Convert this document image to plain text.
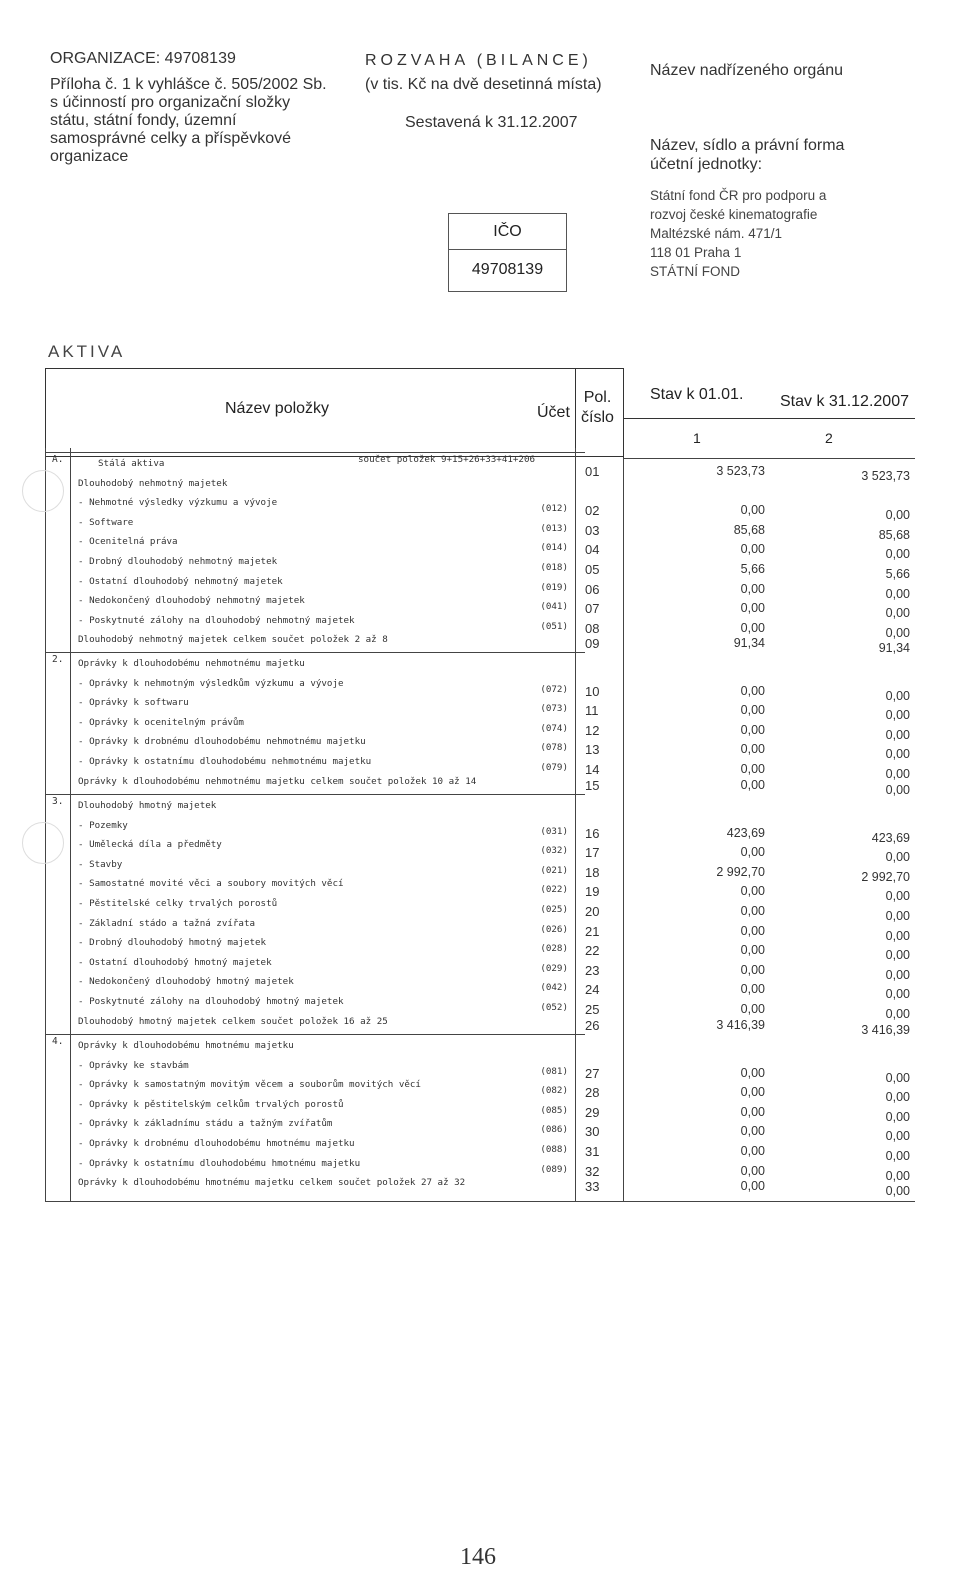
ORGANIZACE: 49708139
Příloha č. 1 k vyhlášce č. 505/2002 Sb.
s účinností pro organizační složky
státu, státní fondy, územní
samosprávné celky a příspěvkové
organizace
ROZVAHA (BILANCE)
(v tis. Kč na dvě desetinná místa)
Sestavená k 31.12.2007
IČO
49708139
Název nadřízeného orgánu
Název, sídlo a právní forma
účetní jednotky:
Státní fond ČR pro podporu a
rozvoj české kinematografie
Maltézské nám. 471/1
118 01 Praha 1
STÁTNÍ FOND
AKTIVA
Název položky	Účet
Pol.
číslo
Stav k 01.01. Stav k 31.12.2007
1	2
A.	Stálá aktiva	součet položek 9+15+26+33+41+206
01	3 523,73	3 523,73
Dlouhodobý nehmotný majetek
- Nehmotné výsledky výzkumu a vývoje
(012) 02	0,00	0,00
- Software
(013) 03	85,68	85,68
- Ocenitelná práva
(014) 04	0,00	0,00
- Drobný dlouhodobý nehmotný majetek
(018) 05	5,66	5,66
- Ostatní dlouhodobý nehmotný majetek
(019) 06	0,00	0,00
- Nedokončený dlouhodobý nehmotný majetek
(041) 07	0,00	0,00
- Poskytnuté zálohy na dlouhodobý nehmotný majetek
(051) 08	0,00	0,00
Dlouhodobý nehmotný majetek celkem součet položek 2 až 8	09	91,34	91,34
2. Oprávky k dlouhodobému nehmotnému majetku
- Oprávky k nehmotným výsledkům výzkumu a vývoje
(072) 10	0,00	0,00
- Oprávky k softwaru
(073) 11	0,00	0,00
- Oprávky k ocenitelným právům
(074) 12	0,00	0,00
- Oprávky k drobnému dlouhodobému nehmotnému majetku
(078) 13	0,00	0,00
- Oprávky k ostatnímu dlouhodobému nehmotnému majetku
(079) 14	0,00	0,00
Oprávky k dlouhodobému nehmotnému majetku celkem součet položek 10 až 14	15	0,00	0,00
3. Dlouhodobý hmotný majetek
- Pozemky
(031) 16	423,69	423,69
- Umělecká díla a předměty
(032) 17	0,00	0,00
- Stavby
(021) 18	2 992,70	2 992,70
- Samostatné movité věci a soubory movitých věcí
(022) 19	0,00	0,00
- Pěstitelské celky trvalých porostů
(025) 20	0,00	0,00
- Základní stádo a tažná zvířata
(026) 21	0,00	0,00
- Drobný dlouhodobý hmotný majetek
(028) 22	0,00	0,00
- Ostatní dlouhodobý hmotný majetek
(029) 23	0,00	0,00
- Nedokončený dlouhodobý hmotný majetek
(042) 24	0,00	0,00
- Poskytnuté zálohy na dlouhodobý hmotný majetek
(052) 25	0,00	0,00
Dlouhodobý hmotný majetek celkem součet položek 16 až 25	26	3 416,39	3 416,39
4. Oprávky k dlouhodobému hmotnému majetku
- Oprávky ke stavbám
(081) 27	0,00	0,00
- Oprávky k samostatným movitým věcem a souborům movitých věcí
(082) 28	0,00	0,00
- Oprávky k pěstitelským celkům trvalých porostů
(085) 29	0,00	0,00
- Oprávky k základnímu stádu a tažným zvířatům
(086) 30	0,00	0,00
- Oprávky k drobnému dlouhodobému hmotnému majetku
(088) 31	0,00	0,00
- Oprávky k ostatnímu dlouhodobému hmotnému majetku
(089) 32	0,00	0,00
Oprávky k dlouhodobému hmotnému majetku celkem součet položek 27 až 32	33	0,00	0,00
146
